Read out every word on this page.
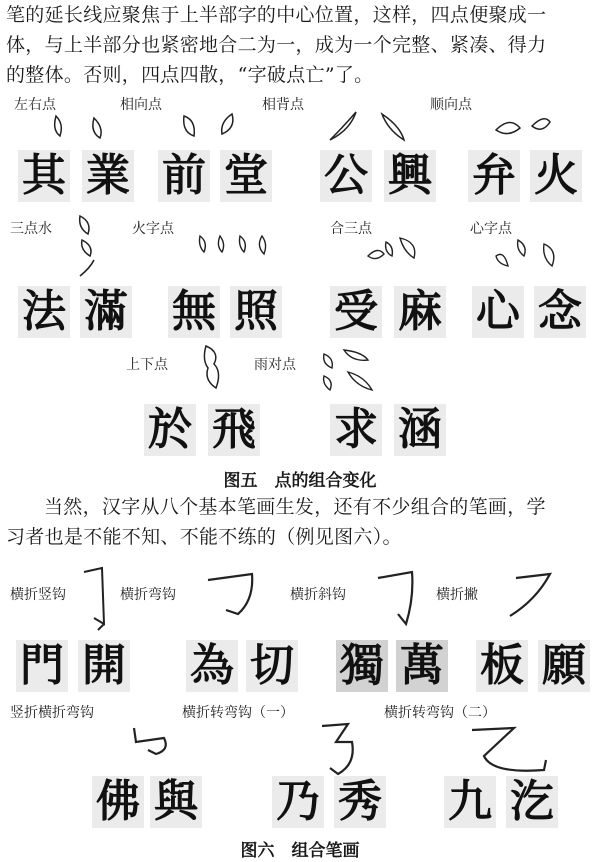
笔的延长线应聚焦于上半部字的中心位置，这样，四点便聚成一

体，与上半部分也紧密地合二为一，成为一个完整、紧凑、得力

的整体。否则，四点四散，“字破点亡”了。

左右点	相向点	相背点	顺向点
其 業 前 堂 公 興 弁 火
三点水	火字点	合三点	心字点
法 滿 無 照 受 麻 心 念
上下点	雨对点
於 飛 求 涵
图五　点的组合变化

当然，汉字从八个基本笔画生发，还有不少组合的笔画，学

习者也是不能不知、不能不练的（例见图六）。

横折竖钩	横折弯钩	横折斜钩	横折撇
門 開 為 切 獨 萬 板 願
竖折横折弯钩	横折转弯钩（一）	横折转弯钩（二）
佛 與 乃 秀 九 汔
图六　组合笔画
